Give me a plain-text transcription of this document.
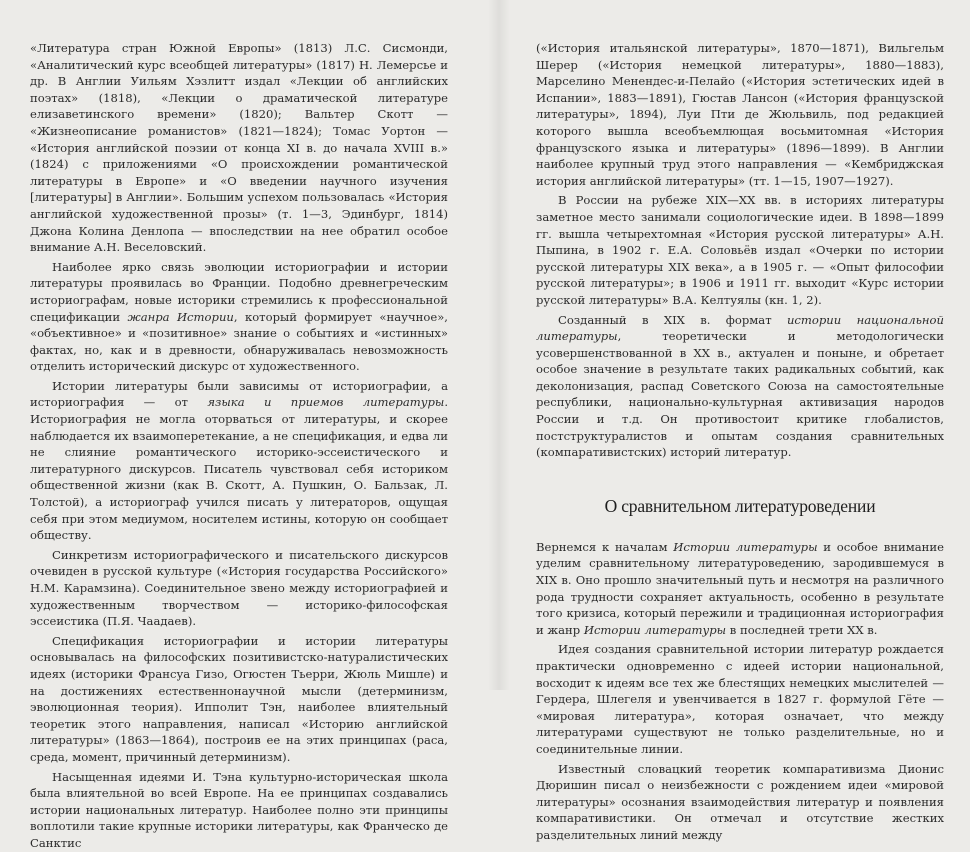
«Литература стран Южной Европы» (1813) Л.С. Сисмонди, «Аналитический курс всеобщей литературы» (1817) Н. Лемерсье и др. В Англии Уильям Хэзлитт издал «Лекции об английских поэтах» (1818), «Лекции о драматической литературе елизаветинского времени» (1820); Вальтер Скотт — «Жизнеописание романистов» (1821—1824); Томас Уортон — «История английской поэзии от конца XI в. до начала XVIII в.» (1824) с приложениями «О происхождении романтической литературы в Европе» и «О введении научного изучения [литературы] в Англии». Большим успехом пользовалась «История английской художественной прозы» (т. 1—3, Эдинбург, 1814) Джона Колина Денлопа — впоследствии на нее обратил особое внимание А.Н. Веселовский.

Наиболее ярко связь эволюции историографии и истории литературы проявилась во Франции. Подобно древнегреческим историографам, новые историки стремились к профессиональной спецификации жанра Истории, который формирует «научное», «объективное» и «позитивное» знание о событиях и «истинных» фактах, но, как и в древности, обнаруживалась невозможность отделить исторический дискурс от художественного.

Истории литературы были зависимы от историографии, а историография — от языка и приемов литературы. Историография не могла оторваться от литературы, и скорее наблюдается их взаимоперетекание, а не спецификация, и едва ли не слияние романтического историко-эссеистического и литературного дискурсов. Писатель чувствовал себя историком общественной жизни (как В. Скотт, А. Пушкин, О. Бальзак, Л. Толстой), а историограф учился писать у литераторов, ощущая себя при этом медиумом, носителем истины, которую он сообщает обществу.

Синкретизм историографического и писательского дискурсов очевиден в русской культуре («История государства Российского» Н.М. Карамзина). Соединительное звено между историографией и художественным творчеством — историко-философская эссеистика (П.Я. Чаадаев).

Спецификация историографии и истории литературы основывалась на философских позитивистско-натуралистических идеях (историки Франсуа Гизо, Огюстен Тьерри, Жюль Мишле) и на достижениях естественнонаучной мысли (детерминизм, эволюционная теория). Ипполит Тэн, наиболее влиятельный теоретик этого направления, написал «Историю английской литературы» (1863—1864), построив ее на этих принципах (раса, среда, момент, причинный детерминизм).

Насыщенная идеями И. Тэна культурно-историческая школа была влиятельной во всей Европе. На ее принципах создавались истории национальных литератур. Наиболее полно эти принципы воплотили такие крупные историки литературы, как Франческо де Санктис

(«История итальянской литературы», 1870—1871), Вильгельм Шерер («История немецкой литературы», 1880—1883), Марселино Менендес-и-Пелайо («История эстетических идей в Испании», 1883—1891), Гюстав Лансон («История французской литературы», 1894), Луи Пти де Жюльвиль, под редакцией которого вышла всеобъемлющая восьмитомная «История французского языка и литературы» (1896—1899). В Англии наиболее крупный труд этого направления — «Кембриджская история английской литературы» (тт. 1—15, 1907—1927).

В России на рубеже XIX—XX вв. в историях литературы заметное место занимали социологические идеи. В 1898—1899 гг. вышла четырехтомная «История русской литературы» А.Н. Пыпина, в 1902 г. Е.А. Соловьёв издал «Очерки по истории русской литературы XIX века», а в 1905 г. — «Опыт философии русской литературы»; в 1906 и 1911 гг. выходит «Курс истории русской литературы» В.А. Келтуялы (кн. 1, 2).

Созданный в XIX в. формат истории национальной литературы, теоретически и методологически усовершенствованной в XX в., актуален и поныне, и обретает особое значение в результате таких радикальных событий, как деколонизация, распад Советского Союза на самостоятельные республики, национально-культурная активизация народов России и т.д. Он противостоит критике глобалистов, постструктуралистов и опытам создания сравнительных (компаративистских) историй литератур.

О сравнительном литературоведении

Вернемся к началам Истории литературы и особое внимание уделим сравнительному литературоведению, зародившемуся в XIX в. Оно прошло значительный путь и несмотря на различного рода трудности сохраняет актуальность, особенно в результате того кризиса, который пережили и традиционная историография и жанр Истории литературы в последней трети XX в.

Идея создания сравнительной истории литератур рождается практически одновременно с идеей истории национальной, восходит к идеям все тех же блестящих немецких мыслителей — Гердера, Шлегеля и увенчивается в 1827 г. формулой Гёте — «мировая литература», которая означает, что между литературами существуют не только разделительные, но и соединительные линии.

Известный словацкий теоретик компаративизма Дионис Дюришин писал о неизбежности с рождением идеи «мировой литературы» осознания взаимодействия литератур и появления компаративистики. Он отмечал и отсутствие жестких разделительных линий между
